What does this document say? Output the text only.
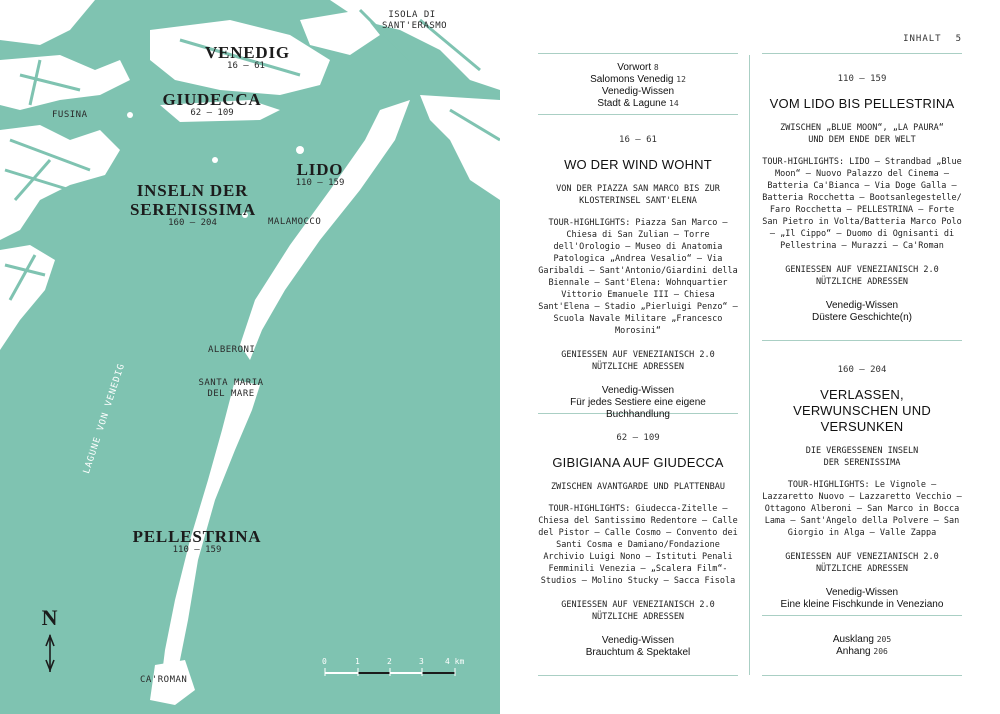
ISOLA DI SANT'ERASMO
FUSINA
MALAMOCCO
ALBERONI
SANTA MARIA DEL MARE
CA'ROMAN
LAGUNE VON VENEDIG
VENEDIG
16 – 61
GIUDECCA
62 – 109
LIDO
110 – 159
INSELN DER SERENISSIMA
160 – 204
PELLESTRINA
110 – 159
N
0	1	2	3	4 km
INHALT 5

Vorwort 8

Salomons Venedig 12

Venedig-Wissen

Stadt & Lagune 14

16 – 61

WO DER WIND WOHNT

VON DER PIAZZA SAN MARCO BIS ZUR KLOSTERINSEL SANT'ELENA

TOUR-HIGHLIGHTS: Piazza San Marco – Chiesa di San Zulian – Torre dell'Orologio – Museo di Anatomia Patologica „Andrea Vesalio“ – Via Garibaldi – Sant'Antonio/Giardini della Biennale – Sant'Elena: Wohnquartier Vittorio Emanuele III – Chiesa Sant'Elena – Stadio „Pierluigi Penzo“ – Scuola Navale Militare „Francesco Morosini“

GENIESSEN AUF VENEZIANISCH 2.0

NÜTZLICHE ADRESSEN

Venedig-Wissen

Für jedes Sestiere eine eigene Buchhandlung

62 – 109

GIBIGIANA AUF GIUDECCA

ZWISCHEN AVANTGARDE UND PLATTENBAU

TOUR-HIGHLIGHTS: Giudecca-Zitelle – Chiesa del Santissimo Redentore – Calle del Pistor – Calle Cosmo – Convento dei Santi Cosma e Damiano/Fondazione Archivio Luigi Nono – Istituti Penali Femminili Venezia – „Scalera Film“-Studios – Molino Stucky – Sacca Fisola

GENIESSEN AUF VENEZIANISCH 2.0

NÜTZLICHE ADRESSEN

Venedig-Wissen

Brauchtum & Spektakel

110 – 159

VOM LIDO BIS PELLESTRINA

ZWISCHEN „BLUE MOON“, „LA PAURA“ UND DEM ENDE DER WELT

TOUR-HIGHLIGHTS: LIDO – Strandbad „Blue Moon“ – Nuovo Palazzo del Cinema – Batteria Ca'Bianca – Via Doge Galla – Batteria Rocchetta – Bootsanlegestelle/ Faro Rocchetta – PELLESTRINA – Forte San Pietro in Volta/Batteria Marco Polo – „Il Cippo“ – Duomo di Ognisanti di Pellestrina – Murazzi – Ca'Roman

GENIESSEN AUF VENEZIANISCH 2.0

NÜTZLICHE ADRESSEN

Venedig-Wissen

Düstere Geschichte(n)

160 – 204

VERLASSEN, VERWUNSCHEN UND VERSUNKEN

DIE VERGESSENEN INSELN DER SERENISSIMA

TOUR-HIGHLIGHTS: Le Vignole – Lazzaretto Nuovo – Lazzaretto Vecchio – Ottagono Alberoni – San Marco in Bocca Lama – Sant'Angelo della Polvere – San Giorgio in Alga – Valle Zappa

GENIESSEN AUF VENEZIANISCH 2.0

NÜTZLICHE ADRESSEN

Venedig-Wissen

Eine kleine Fischkunde in Veneziano

Ausklang 205

Anhang 206
